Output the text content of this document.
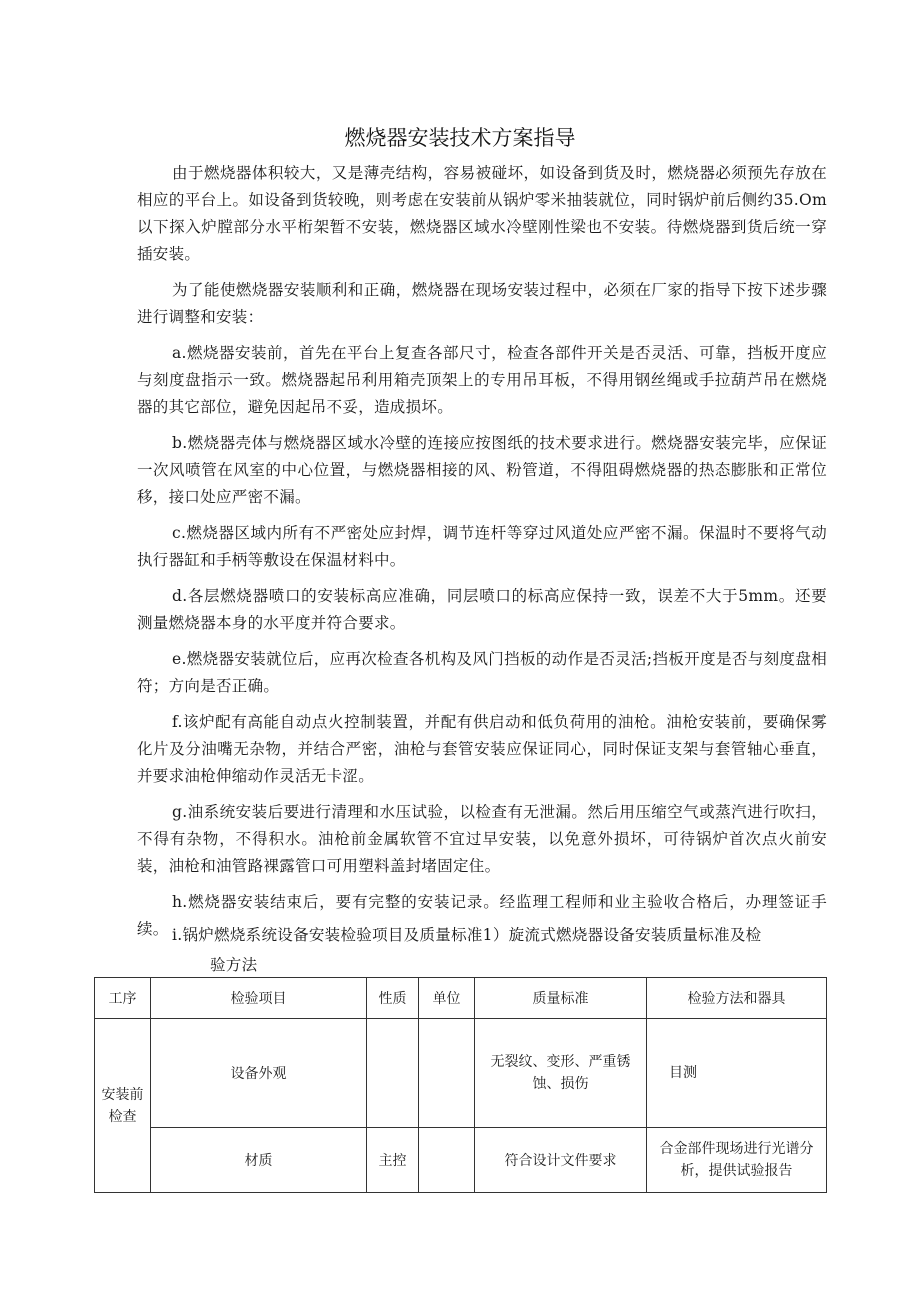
燃烧器安装技术方案指导

由于燃烧器体积较大，又是薄壳结构，容易被碰坏，如设备到货及时，燃烧器必须预先存放在相应的平台上。如设备到货较晚，则考虑在安装前从锅炉零米抽装就位，同时锅炉前后侧约35.Om以下探入炉膛部分水平桁架暂不安装，燃烧器区域水冷壁刚性梁也不安装。待燃烧器到货后统一穿插安装。

为了能使燃烧器安装顺利和正确，燃烧器在现场安装过程中，必须在厂家的指导下按下述步骤进行调整和安装：

a.燃烧器安装前，首先在平台上复查各部尺寸，检查各部件开关是否灵活、可靠，挡板开度应与刻度盘指示一致。燃烧器起吊利用箱壳顶架上的专用吊耳板，不得用钢丝绳或手拉葫芦吊在燃烧器的其它部位，避免因起吊不妥，造成损坏。

b.燃烧器壳体与燃烧器区域水冷壁的连接应按图纸的技术要求进行。燃烧器安装完毕，应保证一次风喷管在风室的中心位置，与燃烧器相接的风、粉管道，不得阻碍燃烧器的热态膨胀和正常位移，接口处应严密不漏。

c.燃烧器区域内所有不严密处应封焊，调节连杆等穿过风道处应严密不漏。保温时不要将气动执行器缸和手柄等敷设在保温材料中。

d.各层燃烧器喷口的安装标高应准确，同层喷口的标高应保持一致，误差不大于5mm。还要测量燃烧器本身的水平度并符合要求。

e.燃烧器安装就位后，应再次检查各机构及风门挡板的动作是否灵活;挡板开度是否与刻度盘相符；方向是否正确。

f.该炉配有高能自动点火控制装置，并配有供启动和低负荷用的油枪。油枪安装前，要确保雾化片及分油嘴无杂物，并结合严密，油枪与套管安装应保证同心，同时保证支架与套管轴心垂直，并要求油枪伸缩动作灵活无卡涩。

g.油系统安装后要进行清理和水压试验，以检查有无泄漏。然后用压缩空气或蒸汽进行吹扫，不得有杂物，不得积水。油枪前金属软管不宜过早安装，以免意外损坏，可待锅炉首次点火前安装，油枪和油管路裸露管口可用塑料盖封堵固定住。

h.燃烧器安装结束后，要有完整的安装记录。经监理工程师和业主验收合格后，办理签证手续。 i.锅炉燃烧系统设备安装检验项目及质量标准1）旋流式燃烧器设备安装质量标准及检
验方法

工序	检验项目	性质	单位	质量标准	检验方法和器具

安装前检查	设备外观			无裂纹、变形、严重锈蚀、损伤	目测

	材质	主控		符合设计文件要求	合金部件现场进行光谱分析，提供试验报告
